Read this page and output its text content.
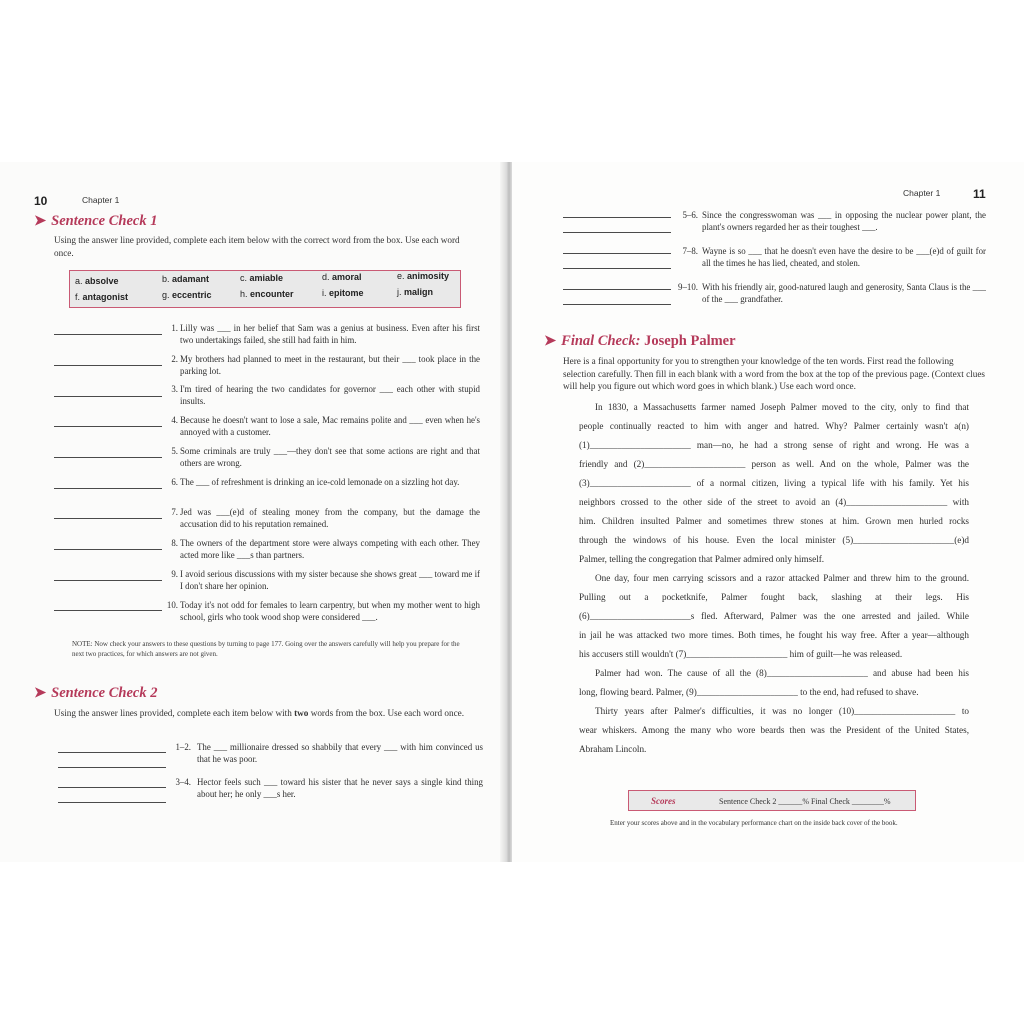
10	Chapter 1
➤ Sentence Check 1
Using the answer line provided, complete each item below with the correct word from the box. Use each word once.
a. absolve	b. adamant	c. amiable	d. amoral	e. animosity
f. antagonist	g. eccentric	h. encounter	i. epitome	j. malign
1. Lilly was ___ in her belief that Sam was a genius at business. Even after his first two undertakings failed, she still had faith in him.
2. My brothers had planned to meet in the restaurant, but their ___ took place in the parking lot.
3. I'm tired of hearing the two candidates for governor ___ each other with stupid insults.
4. Because he doesn't want to lose a sale, Mac remains polite and ___ even when he's annoyed with a customer.
5. Some criminals are truly ___—they don't see that some actions are right and that others are wrong.
6. The ___ of refreshment is drinking an ice-cold lemonade on a sizzling hot day.
7. Jed was ___(e)d of stealing money from the company, but the damage the accusation did to his reputation remained.
8. The owners of the department store were always competing with each other. They acted more like ___s than partners.
9. I avoid serious discussions with my sister because she shows great ___ toward me if I don't share her opinion.
10. Today it's not odd for females to learn carpentry, but when my mother went to high school, girls who took wood shop were considered ___.
NOTE: Now check your answers to these questions by turning to page 177. Going over the answers carefully will help you prepare for the next two practices, for which answers are not given.
➤ Sentence Check 2
Using the answer lines provided, complete each item below with two words from the box. Use each word once.
1–2. The ___ millionaire dressed so shabbily that every ___ with him convinced us that he was poor.
3–4. Hector feels such ___ toward his sister that he never says a single kind thing about her; he only ___s her.
Chapter 1	11
5–6. Since the congresswoman was ___ in opposing the nuclear power plant, the plant's owners regarded her as their toughest ___.
7–8. Wayne is so ___ that he doesn't even have the desire to be ___(e)d of guilt for all the times he has lied, cheated, and stolen.
9–10. With his friendly air, good-natured laugh and generosity, Santa Claus is the ___ of the ___ grandfather.
➤ Final Check: Joseph Palmer
Here is a final opportunity for you to strengthen your knowledge of the ten words. First read the following selection carefully. Then fill in each blank with a word from the box at the top of the previous page. (Context clues will help you figure out which word goes in which blank.) Use each word once.
In 1830, a Massachusetts farmer named Joseph Palmer moved to the city, only to find that
people continually reacted to him with anger and hatred. Why? Palmer certainly wasn't a(n)
(1)______________________ man—no, he had a strong sense of right and wrong. He was a
friendly and (2)______________________ person as well. And on the whole, Palmer was the
(3)______________________ of a normal citizen, living a typical life with his family. Yet his
neighbors crossed to the other side of the street to avoid an (4)______________________ with
him. Children insulted Palmer and sometimes threw stones at him. Grown men hurled rocks
through the windows of his house. Even the local minister (5)______________________(e)d
Palmer, telling the congregation that Palmer admired only himself.
One day, four men carrying scissors and a razor attacked Palmer and threw him to the ground.
Pulling out a pocketknife, Palmer fought back, slashing at their legs. His
(6)______________________s fled. Afterward, Palmer was the one arrested and jailed. While
in jail he was attacked two more times. Both times, he fought his way free. After a year—although
his accusers still wouldn't (7)______________________ him of guilt—he was released.
Palmer had won. The cause of all the (8)______________________ and abuse had been his
long, flowing beard. Palmer, (9)______________________ to the end, had refused to shave.
Thirty years after Palmer's difficulties, it was no longer (10)______________________ to
wear whiskers. Among the many who wore beards then was the President of the United States,
Abraham Lincoln.
Scores	Sentence Check 2 ______% Final Check ________%
Enter your scores above and in the vocabulary performance chart on the inside back cover of the book.
